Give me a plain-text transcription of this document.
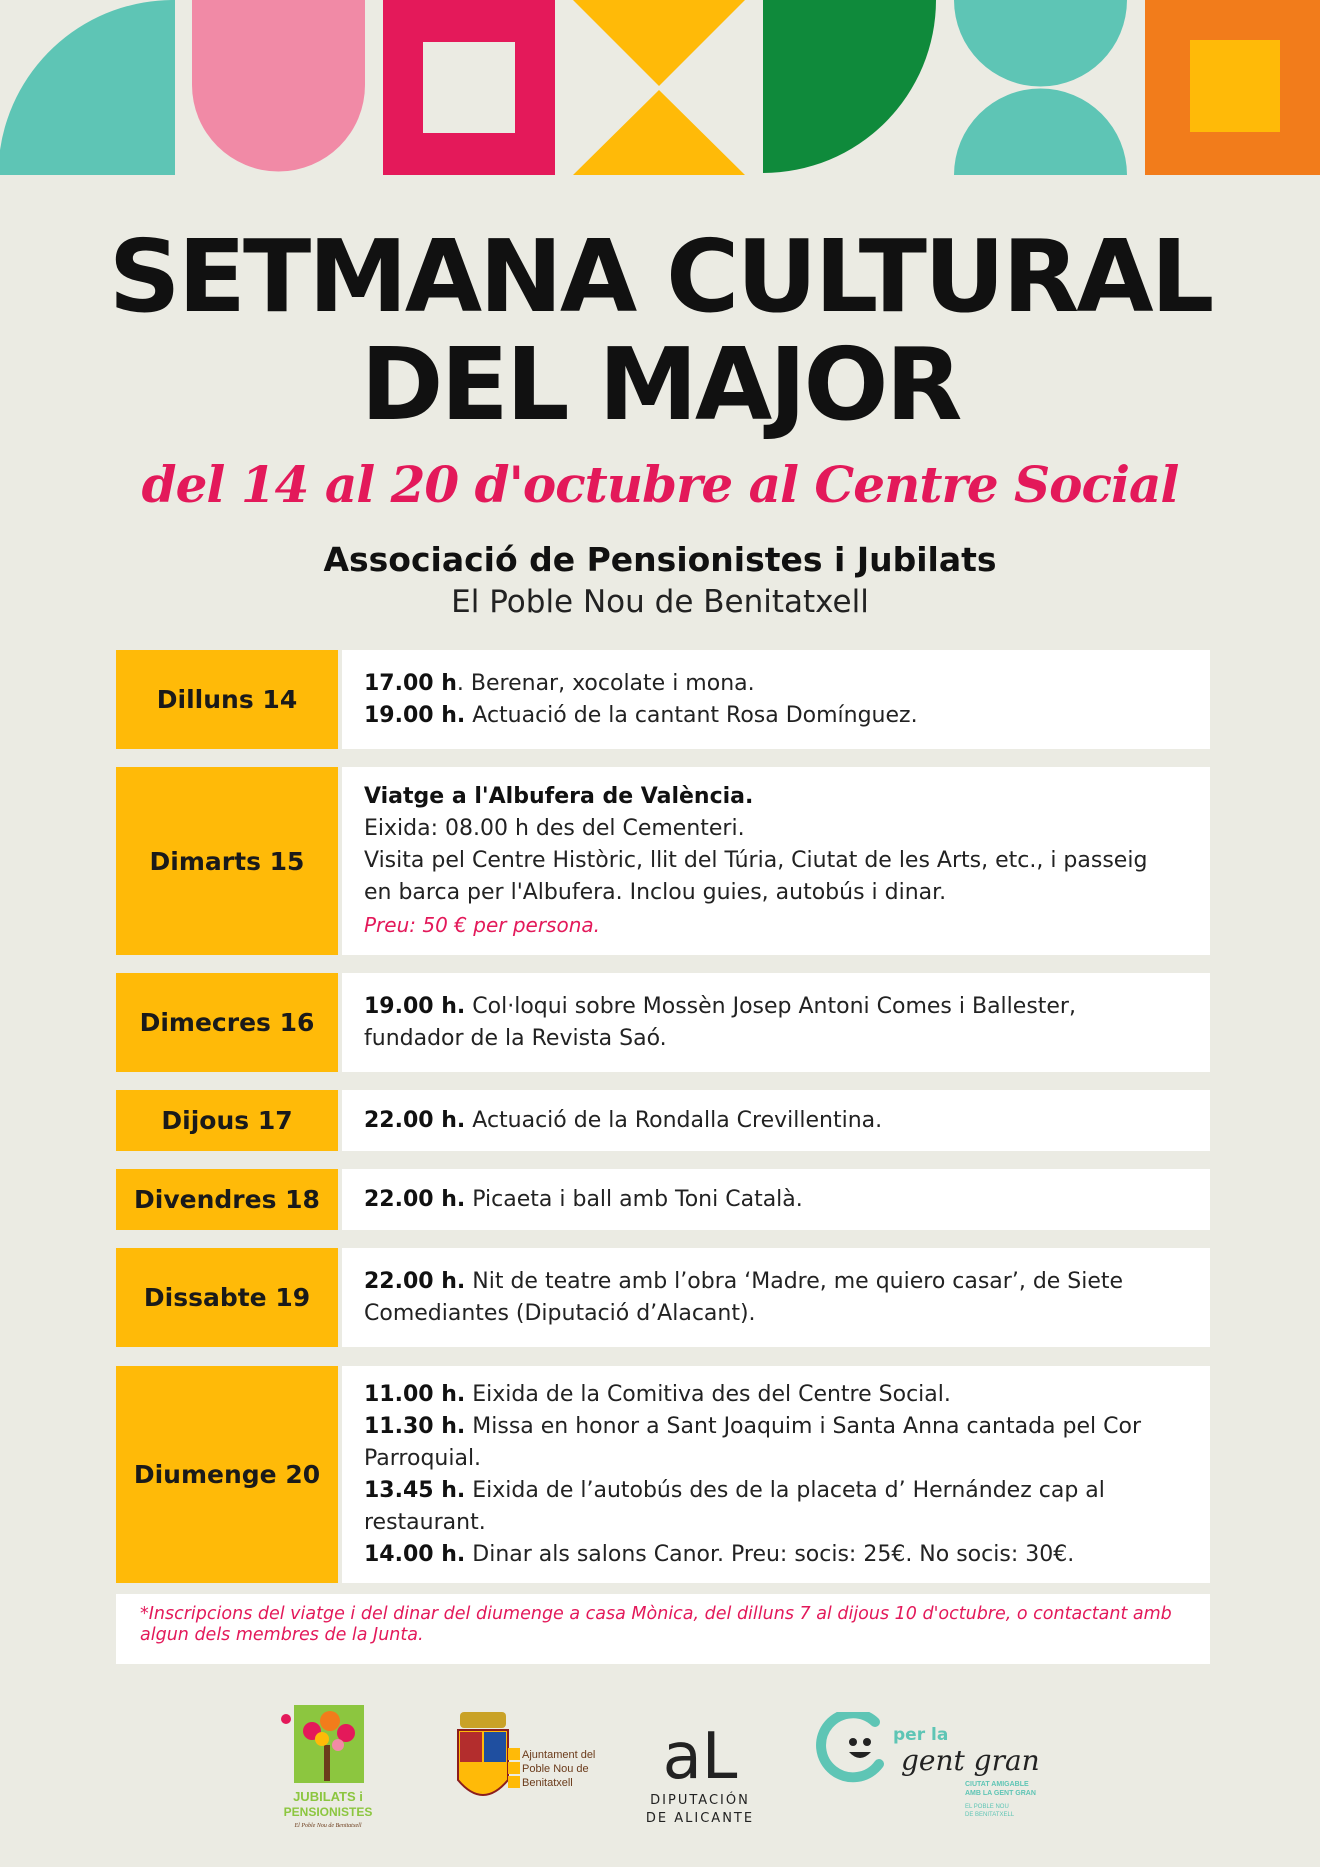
SETMANA CULTURAL
DEL MAJOR
del 14 al 20 d'octubre al Centre Social
Associació de Pensionistes i Jubilats
El Poble Nou de Benitatxell
Dilluns 14
17.00 h. Berenar, xocolate i mona.
19.00 h. Actuació de la cantant Rosa Domínguez.
Dimarts 15
Viatge a l'Albufera de València.
Eixida: 08.00 h des del Cementeri.
Visita pel Centre Històric, llit del Túria, Ciutat de les Arts, etc., i passeig
en barca per l'Albufera. Inclou guies, autobús i dinar.
Preu: 50 € per persona.
Dimecres 16
19.00 h. Col·loqui sobre Mossèn Josep Antoni Comes i Ballester,
fundador de la Revista Saó.
Dijous 17	22.00 h. Actuació de la Rondalla Crevillentina.
Divendres 18	22.00 h. Picaeta i ball amb Toni Català.
Dissabte 19
22.00 h. Nit de teatre amb l’obra ‘Madre, me quiero casar’, de Siete
Comediantes (Diputació d’Alacant).
Diumenge 20
11.00 h. Eixida de la Comitiva des del Centre Social.
11.30 h. Missa en honor a Sant Joaquim i Santa Anna cantada pel Cor
Parroquial.
13.45 h. Eixida de l’autobús des de la placeta d’ Hernández cap al
restaurant.
14.00 h. Dinar als salons Canor. Preu: socis: 25€. No socis: 30€.
*Inscripcions del viatge i del dinar del diumenge a casa Mònica, del dilluns 7 al dijous 10 d'octubre, o contactant amb algun dels membres de la Junta.
JUBILATS i
PENSIONISTES
El Poble Nou de Benitatxell
Ajuntament del
Poble Nou de
Benitatxell aL
DIPUTACIÓN
DE ALICANTE
per la
gent gran
CIUTAT AMIGABLE
AMB LA GENT GRAN
EL POBLE NOU
DE BENITATXELL
